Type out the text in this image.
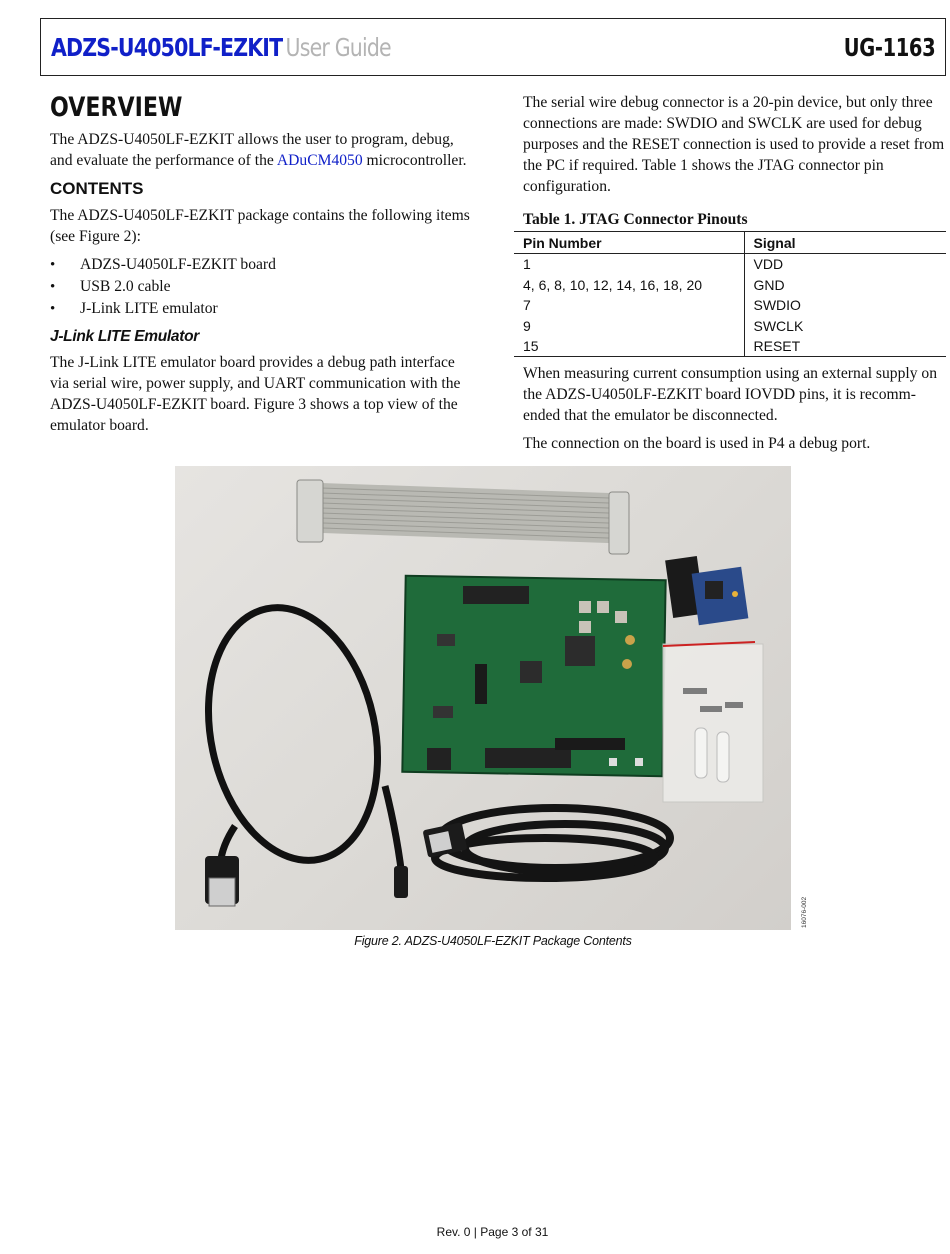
ADZS-U4050LF-EZKIT User Guide	UG-1163
OVERVIEW

The ADZS-U4050LF-EZKIT allows the user to program, debug, and evaluate the performance of the ADuCM4050 microcontroller.

CONTENTS

The ADZS-U4050LF-EZKIT package contains the following items (see Figure 2):

• ADZS-U4050LF-EZKIT board
• USB 2.0 cable
• J-Link LITE emulator
J-Link LITE Emulator

The J-Link LITE emulator board provides a debug path interface via serial wire, power supply, and UART communication with the ADZS-U4050LF-EZKIT board. Figure 3 shows a top view of the emulator board.

The serial wire debug connector is a 20-pin device, but only three connections are made: SWDIO and SWCLK are used for debug purposes and the RESET connection is used to provide a reset from the PC if required. Table 1 shows the JTAG connector pin configuration.

Table 1. JTAG Connector Pinouts
Pin Number	Signal
1	VDD
4, 6, 8, 10, 12, 14, 16, 18, 20	GND
7	SWDIO
9	SWCLK
15	RESET

When measuring current consumption using an external supply on the ADZS-U4050LF-EZKIT board IOVDD pins, it is recomm-ended that the emulator be disconnected.

The connection on the board is used in P4 a debug port.

16076-002
Figure 2. ADZS-U4050LF-EZKIT Package Contents
Rev. 0 | Page 3 of 31
